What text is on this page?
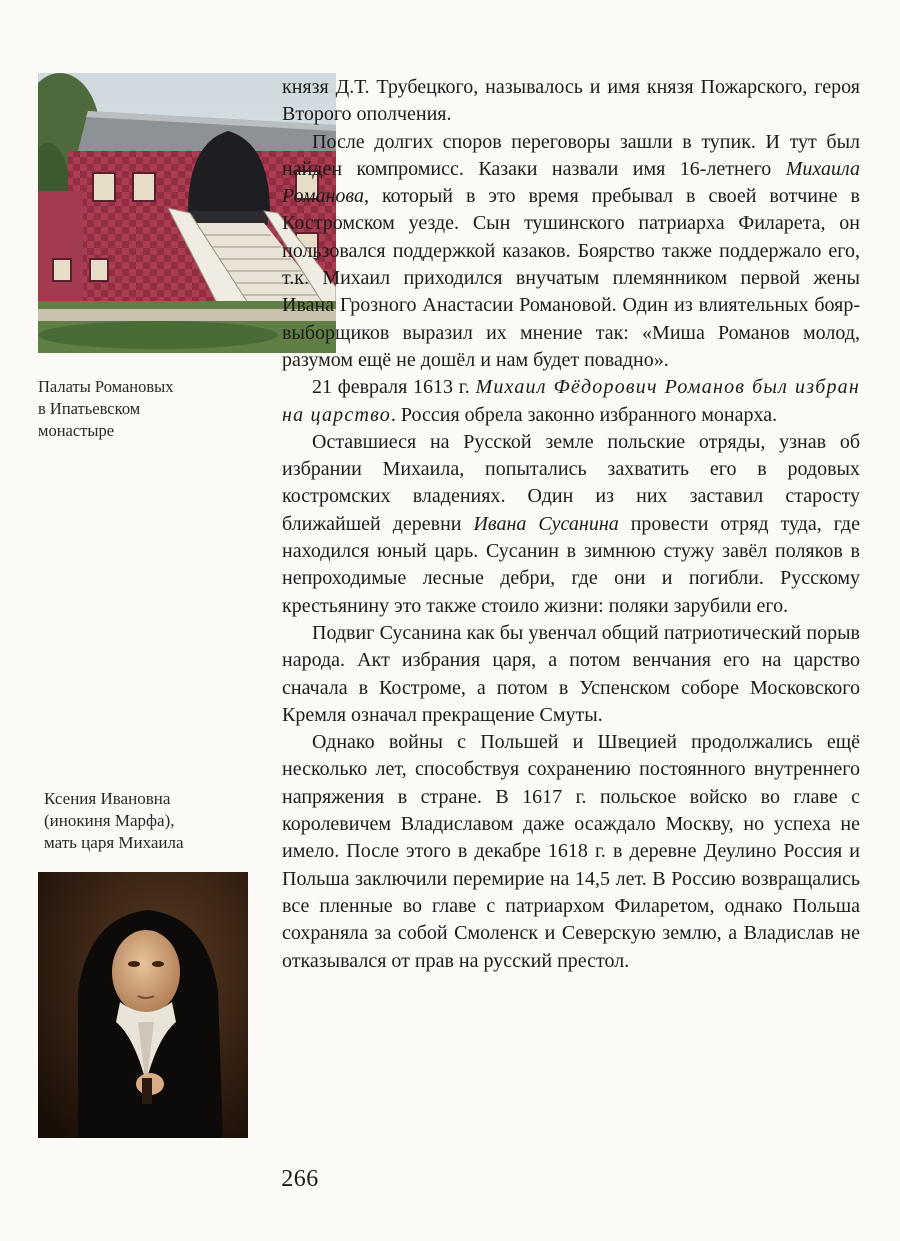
Палаты Романовых
в Ипатьевском
монастыре
Ксения Ивановна
(инокиня Марфа),
мать царя Михаила

князя Д.Т. Трубецкого, называлось и имя князя Пожарского, героя Второго ополчения.

После долгих споров переговоры зашли в тупик. И тут был найден компромисс. Казаки назвали имя 16-летнего Михаила Романова, который в это время пребывал в своей вотчине в Костромском уезде. Сын тушинского патриарха Филарета, он пользовался поддержкой казаков. Боярство также поддержало его, т.к. Михаил приходился внучатым племянником первой жены Ивана Грозного Анастасии Романовой. Один из влиятельных бояр-выборщиков выразил их мнение так: «Миша Романов молод, разумом ещё не дошёл и нам будет повадно».

21 февраля 1613 г. Михаил Фёдорович Романов был избран на царство. Россия обрела законно избранного монарха.

Оставшиеся на Русской земле польские отряды, узнав об избрании Михаила, попытались захватить его в родовых костромских владениях. Один из них заставил старосту ближайшей деревни Ивана Сусанина провести отряд туда, где находился юный царь. Сусанин в зимнюю стужу завёл поляков в непроходимые лесные дебри, где они и погибли. Русскому крестьянину это также стоило жизни: поляки зарубили его.

Подвиг Сусанина как бы увенчал общий патриотический порыв народа. Акт избрания царя, а потом венчания его на царство сначала в Костроме, а потом в Успенском соборе Московского Кремля означал прекращение Смуты.

Однако войны с Польшей и Швецией продолжались ещё несколько лет, способствуя сохранению постоянного внутреннего напряжения в стране. В 1617 г. польское войско во главе с королевичем Владиславом даже осаждало Москву, но успеха не имело. После этого в декабре 1618 г. в деревне Деулино Россия и Польша заключили перемирие на 14,5 лет. В Россию возвращались все пленные во главе с патриархом Филаретом, однако Польша сохраняла за собой Смоленск и Северскую землю, а Владислав не отказывался от прав на русский престол.

266
